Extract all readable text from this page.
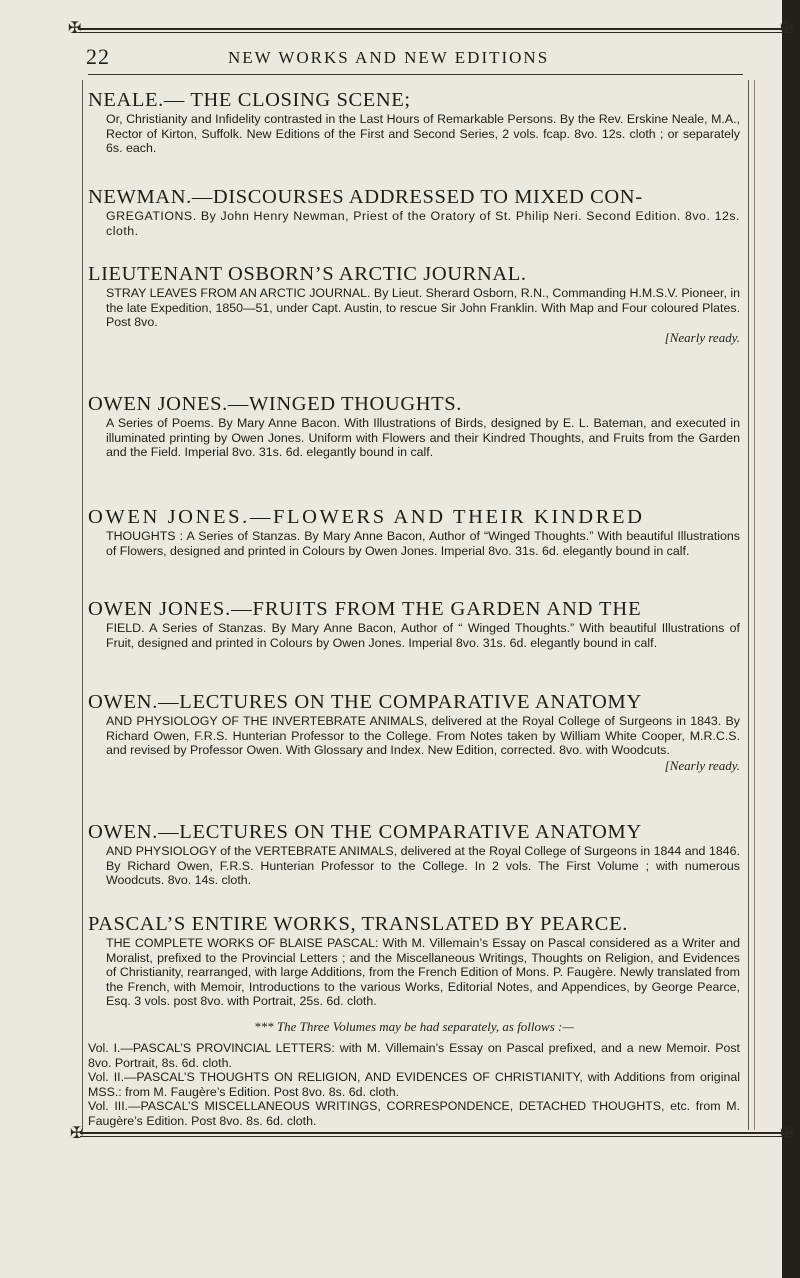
✠	✠
22	NEW WORKS AND NEW EDITIONS
NEALE.— THE CLOSING SCENE;

Or, Christianity and Infidelity contrasted in the Last Hours of Remarkable Persons. By the Rev. Erskine Neale, M.A., Rector of Kirton, Suffolk. New Editions of the First and Second Series, 2 vols. fcap. 8vo. 12s. cloth ; or separately 6s. each.

NEWMAN.—DISCOURSES ADDRESSED TO MIXED CON-

GREGATIONS. By John Henry Newman, Priest of the Oratory of St. Philip Neri. Second Edition. 8vo. 12s. cloth.

LIEUTENANT OSBORN’S ARCTIC JOURNAL.

STRAY LEAVES FROM AN ARCTIC JOURNAL. By Lieut. Sherard Osborn, R.N., Commanding H.M.S.V. Pioneer, in the late Expedition, 1850—51, under Capt. Austin, to rescue Sir John Franklin. With Map and Four coloured Plates. Post 8vo.

[Nearly ready.
OWEN JONES.—WINGED THOUGHTS.

A Series of Poems. By Mary Anne Bacon. With Illustrations of Birds, designed by E. L. Bateman, and executed in illuminated printing by Owen Jones. Uniform with Flowers and their Kindred Thoughts, and Fruits from the Garden and the Field. Imperial 8vo. 31s. 6d. elegantly bound in calf.

OWEN JONES.—FLOWERS AND THEIR KINDRED

THOUGHTS : A Series of Stanzas. By Mary Anne Bacon, Author of “Winged Thoughts.” With beautiful Illustrations of Flowers, designed and printed in Colours by Owen Jones. Imperial 8vo. 31s. 6d. elegantly bound in calf.

OWEN JONES.—FRUITS FROM THE GARDEN AND THE

FIELD. A Series of Stanzas. By Mary Anne Bacon, Author of “ Winged Thoughts.” With beautiful Illustrations of Fruit, designed and printed in Colours by Owen Jones. Imperial 8vo. 31s. 6d. elegantly bound in calf.

OWEN.—LECTURES ON THE COMPARATIVE ANATOMY

AND PHYSIOLOGY OF THE INVERTEBRATE ANIMALS, delivered at the Royal College of Surgeons in 1843. By Richard Owen, F.R.S. Hunterian Professor to the College. From Notes taken by William White Cooper, M.R.C.S. and revised by Professor Owen. With Glossary and Index. New Edition, corrected. 8vo. with Woodcuts.

[Nearly ready.
OWEN.—LECTURES ON THE COMPARATIVE ANATOMY

AND PHYSIOLOGY of the VERTEBRATE ANIMALS, delivered at the Royal College of Surgeons in 1844 and 1846. By Richard Owen, F.R.S. Hunterian Professor to the College. In 2 vols. The First Volume ; with numerous Woodcuts. 8vo. 14s. cloth.

PASCAL’S ENTIRE WORKS, TRANSLATED BY PEARCE.

THE COMPLETE WORKS OF BLAISE PASCAL: With M. Villemain’s Essay on Pascal considered as a Writer and Moralist, prefixed to the Provincial Letters ; and the Miscellaneous Writings, Thoughts on Religion, and Evidences of Christianity, rearranged, with large Additions, from the French Edition of Mons. P. Faugère. Newly translated from the French, with Memoir, Introductions to the various Works, Editorial Notes, and Appendices, by George Pearce, Esq. 3 vols. post 8vo. with Portrait, 25s. 6d. cloth.

*** The Three Volumes may be had separately, as follows :—

Vol. I.—PASCAL’S PROVINCIAL LETTERS: with M. Villemain’s Essay on Pascal prefixed, and a new Memoir. Post 8vo. Portrait, 8s. 6d. cloth.

Vol. II.—PASCAL’S THOUGHTS ON RELIGION, AND EVIDENCES OF CHRISTIANITY, with Additions from original MSS.: from M. Faugère’s Edition. Post 8vo. 8s. 6d. cloth.

Vol. III.—PASCAL’S MISCELLANEOUS WRITINGS, CORRESPONDENCE, DETACHED THOUGHTS, etc. from M. Faugère’s Edition. Post 8vo. 8s. 6d. cloth.

✠	✠
